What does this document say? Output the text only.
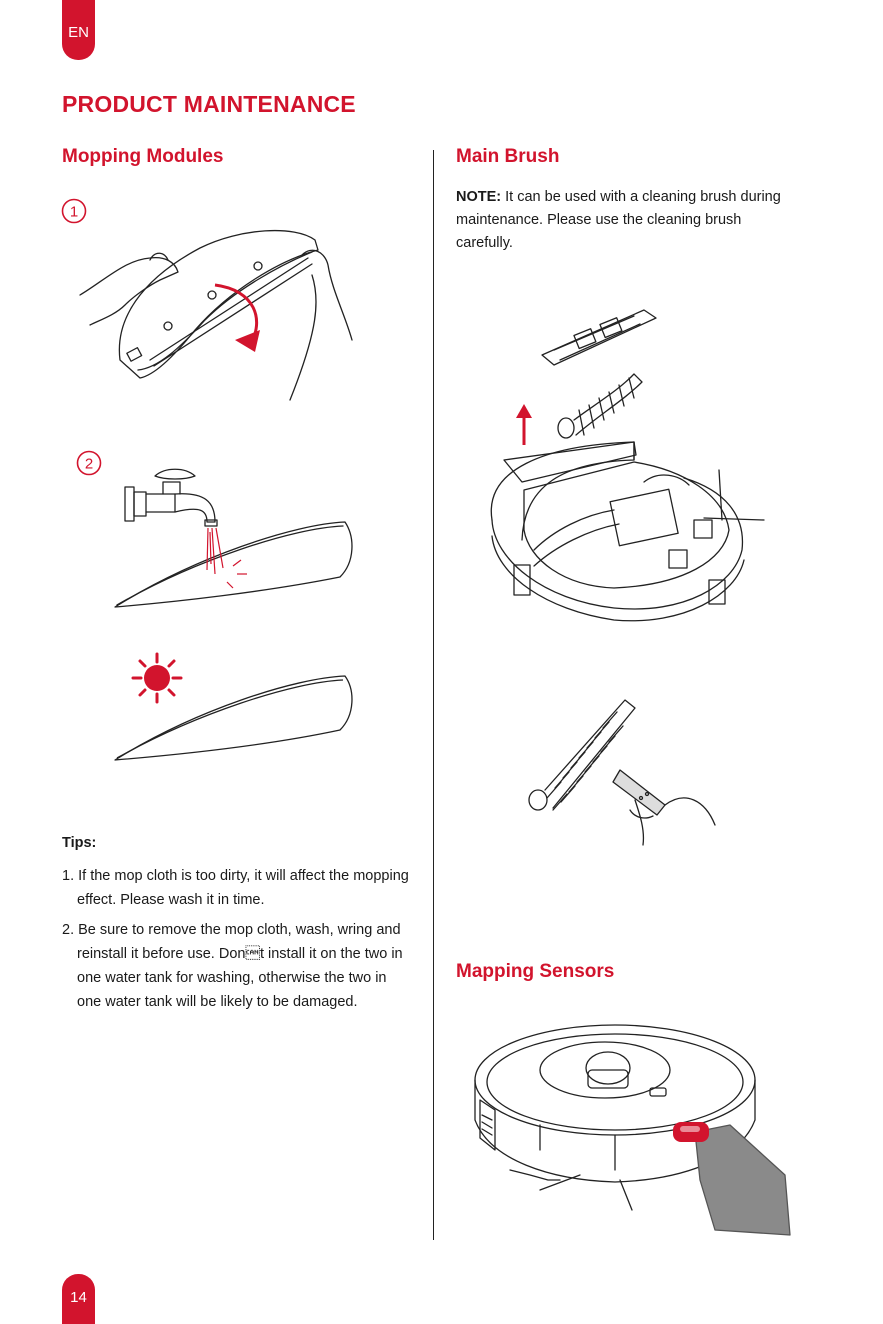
EN
PRODUCT MAINTENANCE
Mopping Modules
1
2
Tips:
1. If the mop cloth is too dirty, it will affect the mopping effect. Please wash it in time.
2. Be sure to remove the mop cloth, wash, wring and reinstall it before use. Dont install it on the two in one water tank for washing, otherwise the two in one water tank will be likely to be damaged.
Main Brush
NOTE: It can be used with a cleaning brush during maintenance. Please use the cleaning brush carefully.
Mapping Sensors
14
